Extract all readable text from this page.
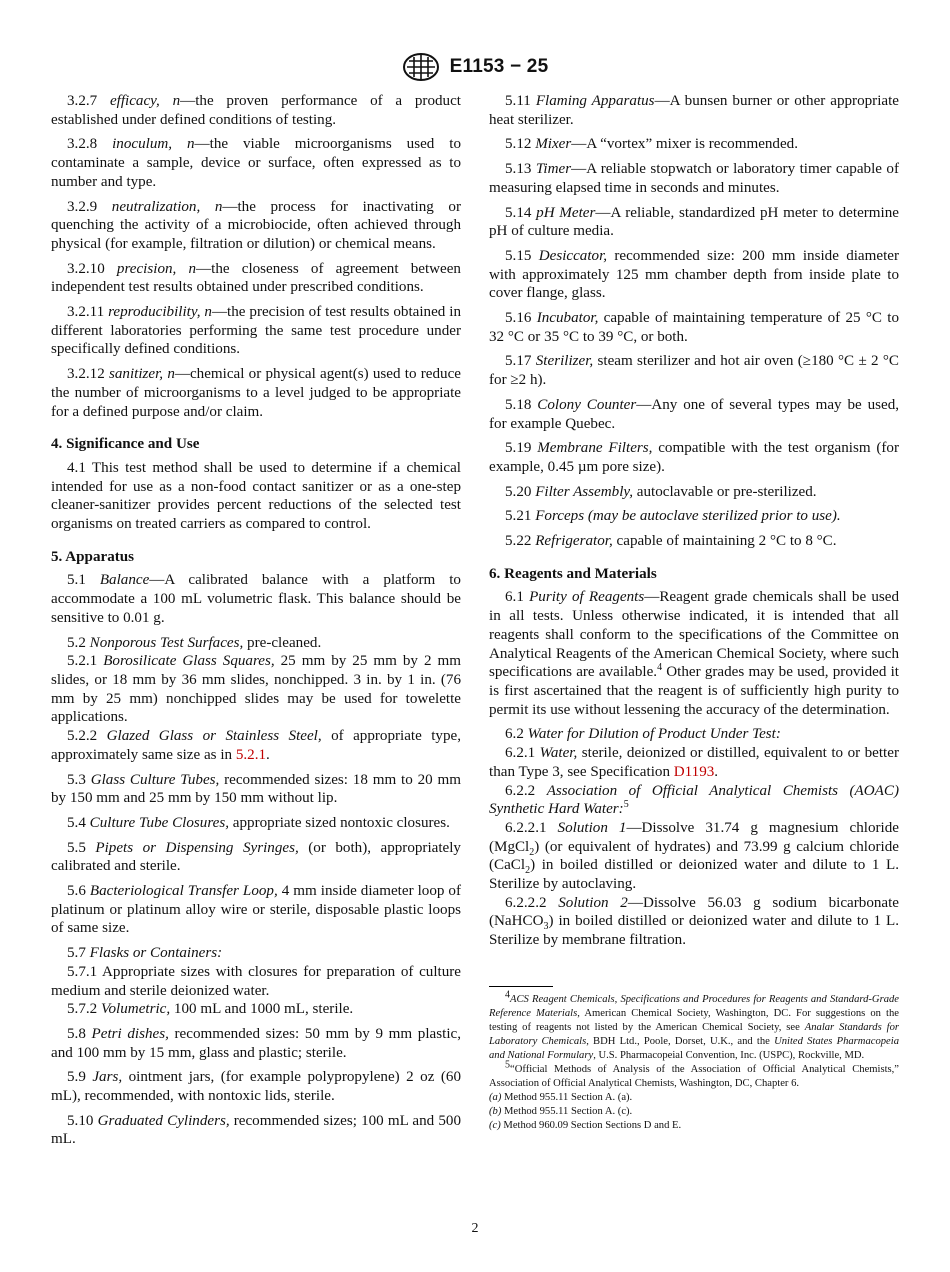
E1153 − 25

3.2.7 efficacy, n—the proven performance of a product established under defined conditions of testing.

3.2.8 inoculum, n—the viable microorganisms used to contaminate a sample, device or surface, often expressed as to number and type.

3.2.9 neutralization, n—the process for inactivating or quenching the activity of a microbiocide, often achieved through physical (for example, filtration or dilution) or chemical means.

3.2.10 precision, n—the closeness of agreement between independent test results obtained under prescribed conditions.

3.2.11 reproducibility, n—the precision of test results obtained in different laboratories performing the same test procedure under specifically defined conditions.

3.2.12 sanitizer, n—chemical or physical agent(s) used to reduce the number of microorganisms to a level judged to be appropriate for a defined purpose and/or claim.

4. Significance and Use

4.1 This test method shall be used to determine if a chemical intended for use as a non-food contact sanitizer or as a one-step cleaner-sanitizer provides percent reductions of the selected test organisms on treated carriers as compared to control.

5. Apparatus

5.1 Balance—A calibrated balance with a platform to accommodate a 100 mL volumetric flask. This balance should be sensitive to 0.01 g.

5.2 Nonporous Test Surfaces, pre-cleaned.

5.2.1 Borosilicate Glass Squares, 25 mm by 25 mm by 2 mm slides, or 18 mm by 36 mm slides, nonchipped. 3 in. by 1 in. (76 mm by 25 mm) nonchipped slides may be used for towelette applications.

5.2.2 Glazed Glass or Stainless Steel, of appropriate type, approximately same size as in 5.2.1.

5.3 Glass Culture Tubes, recommended sizes: 18 mm to 20 mm by 150 mm and 25 mm by 150 mm without lip.

5.4 Culture Tube Closures, appropriate sized nontoxic closures.

5.5 Pipets or Dispensing Syringes, (or both), appropriately calibrated and sterile.

5.6 Bacteriological Transfer Loop, 4 mm inside diameter loop of platinum or platinum alloy wire or sterile, disposable plastic loops of same size.

5.7 Flasks or Containers:

5.7.1 Appropriate sizes with closures for preparation of culture medium and sterile deionized water.

5.7.2 Volumetric, 100 mL and 1000 mL, sterile.

5.8 Petri dishes, recommended sizes: 50 mm by 9 mm plastic, and 100 mm by 15 mm, glass and plastic; sterile.

5.9 Jars, ointment jars, (for example polypropylene) 2 oz (60 mL), recommended, with nontoxic lids, sterile.

5.10 Graduated Cylinders, recommended sizes; 100 mL and 500 mL.

5.11 Flaming Apparatus—A bunsen burner or other appropriate heat sterilizer.

5.12 Mixer—A “vortex” mixer is recommended.

5.13 Timer—A reliable stopwatch or laboratory timer capable of measuring elapsed time in seconds and minutes.

5.14 pH Meter—A reliable, standardized pH meter to determine pH of culture media.

5.15 Desiccator, recommended size: 200 mm inside diameter with approximately 125 mm chamber depth from inside plate to cover flange, glass.

5.16 Incubator, capable of maintaining temperature of 25 °C to 32 °C or 35 °C to 39 °C, or both.

5.17 Sterilizer, steam sterilizer and hot air oven (≥180 °C ± 2 °C for ≥2 h).

5.18 Colony Counter—Any one of several types may be used, for example Quebec.

5.19 Membrane Filters, compatible with the test organism (for example, 0.45 µm pore size).

5.20 Filter Assembly, autoclavable or pre-sterilized.

5.21 Forceps (may be autoclave sterilized prior to use).

5.22 Refrigerator, capable of maintaining 2 °C to 8 °C.

6. Reagents and Materials

6.1 Purity of Reagents—Reagent grade chemicals shall be used in all tests. Unless otherwise indicated, it is intended that all reagents shall conform to the specifications of the Committee on Analytical Reagents of the American Chemical Society, where such specifications are available.$^4$ Other grades may be used, provided it is first ascertained that the reagent is of sufficiently high purity to permit its use without lessening the accuracy of the determination.

6.2 Water for Dilution of Product Under Test:

6.2.1 Water, sterile, deionized or distilled, equivalent to or better than Type 3, see Specification D1193.

6.2.2 Association of Official Analytical Chemists (AOAC) Synthetic Hard Water:$^5$

6.2.2.1 Solution 1—Dissolve 31.74 g magnesium chloride (MgCl$_2$) (or equivalent of hydrates) and 73.99 g calcium chloride (CaCl$_2$) in boiled distilled or deionized water and dilute to 1 L. Sterilize by autoclaving.

6.2.2.2 Solution 2—Dissolve 56.03 g sodium bicarbonate (NaHCO$_3$) in boiled distilled or deionized water and dilute to 1 L. Sterilize by membrane filtration.

$^4$ACS Reagent Chemicals, Specifications and Procedures for Reagents and Standard-Grade Reference Materials, American Chemical Society, Washington, DC. For suggestions on the testing of reagents not listed by the American Chemical Society, see Analar Standards for Laboratory Chemicals, BDH Ltd., Poole, Dorset, U.K., and the United States Pharmacopeia and National Formulary, U.S. Pharmacopeial Convention, Inc. (USPC), Rockville, MD.

$^5$“Official Methods of Analysis of the Association of Official Analytical Chemists,” Association of Official Analytical Chemists, Washington, DC, Chapter 6.

(a) Method 955.11 Section A. (a).

(b) Method 955.11 Section A. (c).

(c) Method 960.09 Section Sections D and E.

2
